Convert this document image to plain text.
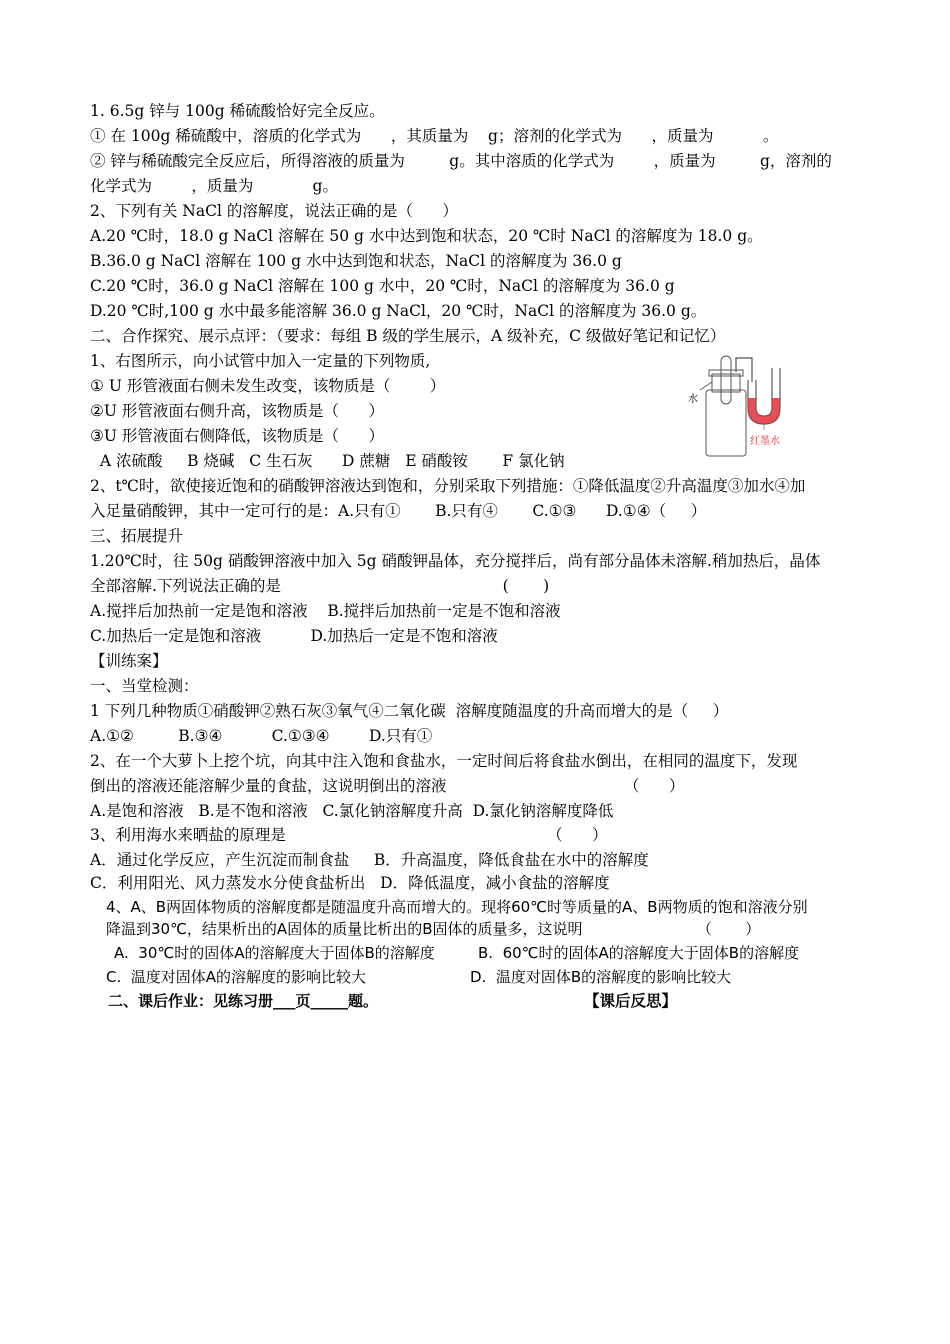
1. 6.5g 锌与 100g 稀硫酸恰好完全反应。
① 在 100g 稀硫酸中，溶质的化学式为      ，其质量为    g；溶剂的化学式为      ，质量为          。
② 锌与稀硫酸完全反应后，所得溶液的质量为         g。其中溶质的化学式为        ，质量为         g，溶剂的
化学式为        ，质量为            g。
2、下列有关 NaCl 的溶解度，说法正确的是（      ）
A.20 ℃时，18.0 g NaCl 溶解在 50 g 水中达到饱和状态，20 ℃时 NaCl 的溶解度为 18.0 g。
B.36.0 g NaCl 溶解在 100 g 水中达到饱和状态，NaCl 的溶解度为 36.0 g
C.20 ℃时，36.0 g NaCl 溶解在 100 g 水中，20 ℃时，NaCl 的溶解度为 36.0 g
D.20 ℃时,100 g 水中最多能溶解 36.0 g NaCl，20 ℃时，NaCl 的溶解度为 36.0 g。
二、合作探究、展示点评：（要求：每组 B 级的学生展示，A 级补充，C 级做好笔记和记忆）
1、右图所示，向小试管中加入一定量的下列物质,
① U 形管液面右侧未发生改变，该物质是（        ）
②U 形管液面右侧升高，该物质是（      ）
③U 形管液面右侧降低，该物质是（      ）
A 浓硫酸     B 烧碱   C 生石灰      D 蔗糖   E 硝酸铵       F 氯化钠
2、t℃时，欲使接近饱和的硝酸钾溶液达到饱和，分别采取下列措施：①降低温度②升高温度③加水④加
入足量硝酸钾，其中一定可行的是：A.只有①       B.只有④       C.①③      D.①④（     ）
三、拓展提升
1.20℃时，往 50g 硝酸钾溶液中加入 5g 硝酸钾晶体，充分搅拌后，尚有部分晶体未溶解.稍加热后，晶体
全部溶解.下列说法正确的是                                             (       )
A.搅拌后加热前一定是饱和溶液    B.搅拌后加热前一定是不饱和溶液
C.加热后一定是饱和溶液          D.加热后一定是不饱和溶液
【训练案】
一、当堂检测：
1 下列几种物质①硝酸钾②熟石灰③氧气④二氧化碳  溶解度随温度的升高而增大的是（     ）
A.①②         B.③④          C.①③④        D.只有①
2、在一个大萝卜上挖个坑，向其中注入饱和食盐水，一定时间后将食盐水倒出，在相同的温度下，发现
倒出的溶液还能溶解少量的食盐，这说明倒出的溶液                                    （      ）
A.是饱和溶液   B.是不饱和溶液   C.氯化钠溶解度升高  D.氯化钠溶解度降低
3、利用海水来晒盐的原理是                                                     （      ）
A．通过化学反应，产生沉淀而制食盐     B．升高温度，降低食盐在水中的溶解度
C．利用阳光、风力蒸发水分使食盐析出   D．降低温度，减小食盐的溶解度
4、A、B两固体物质的溶解度都是随温度升高而增大的。现将60℃时等质量的A、B两物质的饱和溶液分别
降温到30℃，结果析出的A固体的质量比析出的B固体的质量多，这说明                        （       ）
A.  30℃时的固体A的溶解度大于固体B的溶解度	B.  60℃时的固体A的溶解度大于固体B的溶解度
C.  温度对固体A的溶解度的影响比较大	D.  温度对固体B的溶解度的影响比较大
二、课后作业：见练习册___页_____题。	【课后反思】
水
红墨水
